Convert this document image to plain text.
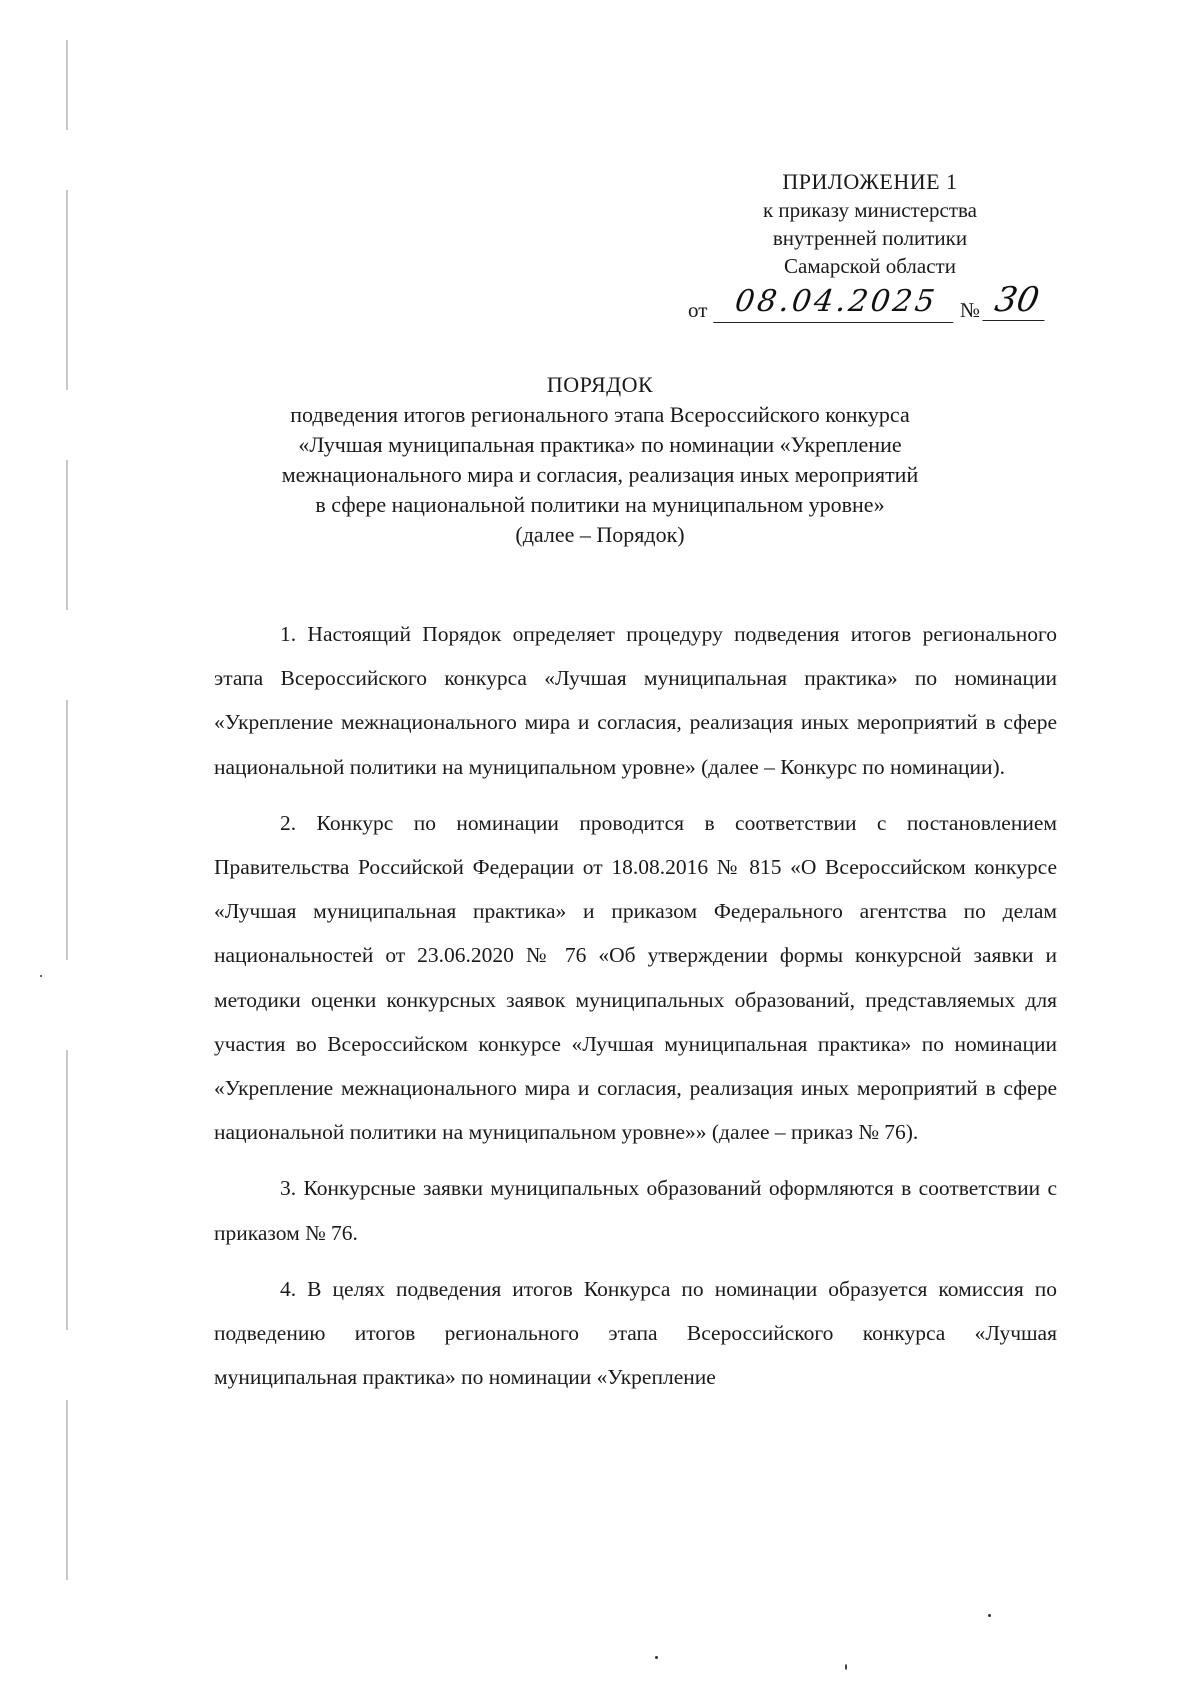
ПРИЛОЖЕНИЕ 1
к приказу министерства
внутренней политики
Самарской области
от 08.04.2025 № 30
ПОРЯДОК
подведения итогов регионального этапа Всероссийского конкурса
«Лучшая муниципальная практика» по номинации «Укрепление
межнационального мира и согласия, реализация иных мероприятий
в сфере национальной политики на муниципальном уровне»
(далее – Порядок)

1. Настоящий Порядок определяет процедуру подведения итогов регионального этапа Всероссийского конкурса «Лучшая муниципальная практика» по номинации «Укрепление межнационального мира и согласия, реализация иных мероприятий в сфере национальной политики на муниципальном уровне» (далее – Конкурс по номинации).

2. Конкурс по номинации проводится в соответствии с постановлением Правительства Российской Федерации от 18.08.2016 № 815 «О Всероссийском конкурсе «Лучшая муниципальная практика» и приказом Федерального агентства по делам национальностей от 23.06.2020 № 76 «Об утверждении формы конкурсной заявки и методики оценки конкурсных заявок муниципальных образований, представляемых для участия во Всероссийском конкурсе «Лучшая муниципальная практика» по номинации «Укрепление межнационального мира и согласия, реализация иных мероприятий в сфере национальной политики на муниципальном уровне»» (далее – приказ № 76).

3. Конкурсные заявки муниципальных образований оформляются в соответствии с приказом № 76.

4. В целях подведения итогов Конкурса по номинации образуется комиссия по подведению итогов регионального этапа Всероссийского конкурса «Лучшая муниципальная практика» по номинации «Укрепление
